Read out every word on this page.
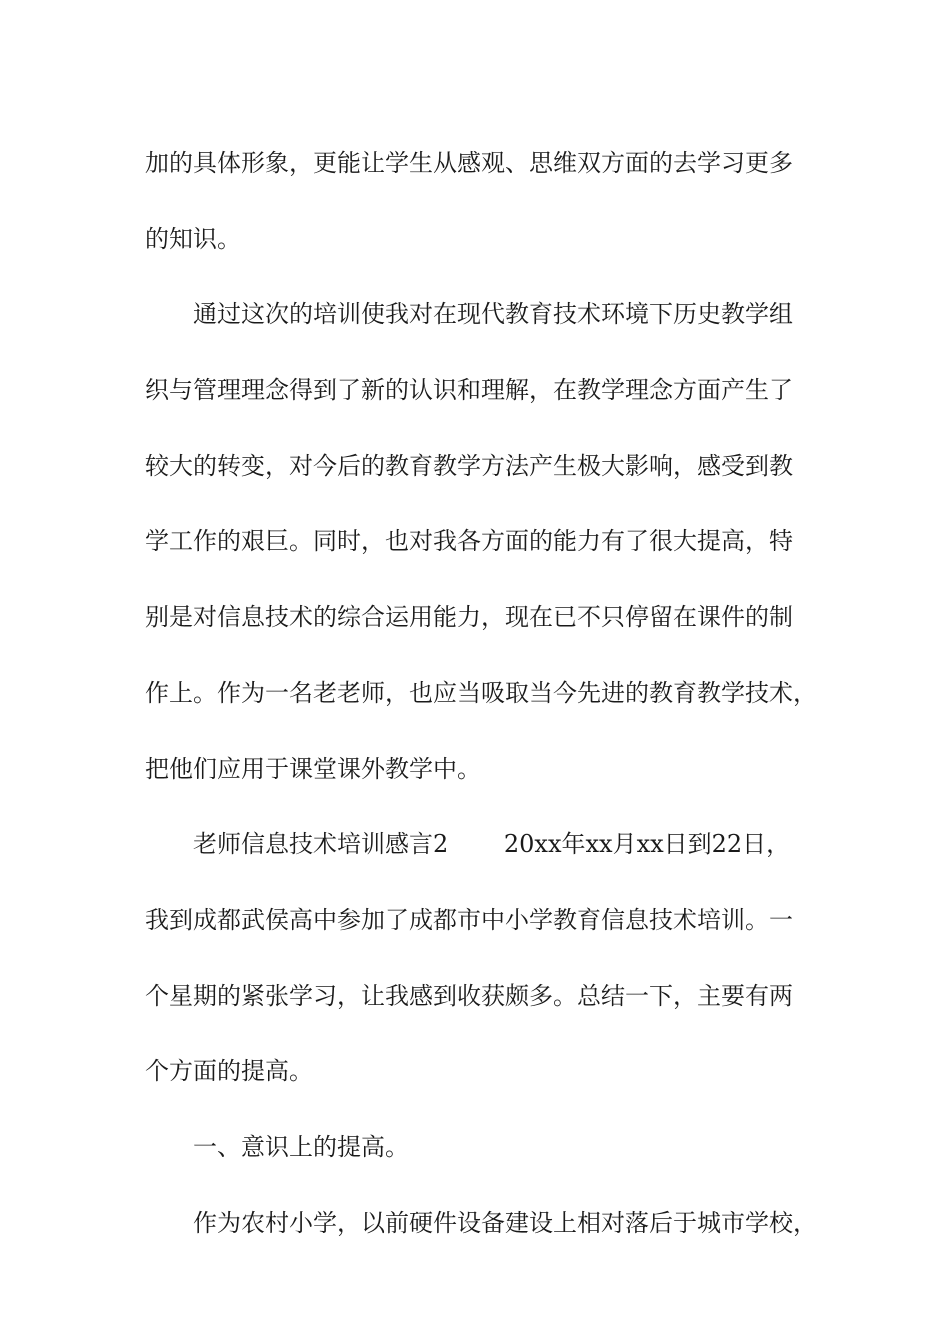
加的具体形象，更能让学生从感观、思维双方面的去学习更多
的知识。
通过这次的培训使我对在现代教育技术环境下历史教学组
织与管理理念得到了新的认识和理解，在教学理念方面产生了
较大的转变，对今后的教育教学方法产生极大影响，感受到教
学工作的艰巨。同时，也对我各方面的能力有了很大提高，特
别是对信息技术的综合运用能力，现在已不只停留在课件的制
作上。作为一名老老师，也应当吸取当今先进的教育教学技术，
把他们应用于课堂课外教学中。
老师信息技术培训感言2　　 20xx年xx月xx日到22日，
我到成都武侯高中参加了成都市中小学教育信息技术培训。一
个星期的紧张学习，让我感到收获颇多。总结一下，主要有两
个方面的提高。
一、意识上的提高。
作为农村小学，以前硬件设备建设上相对落后于城市学校，
